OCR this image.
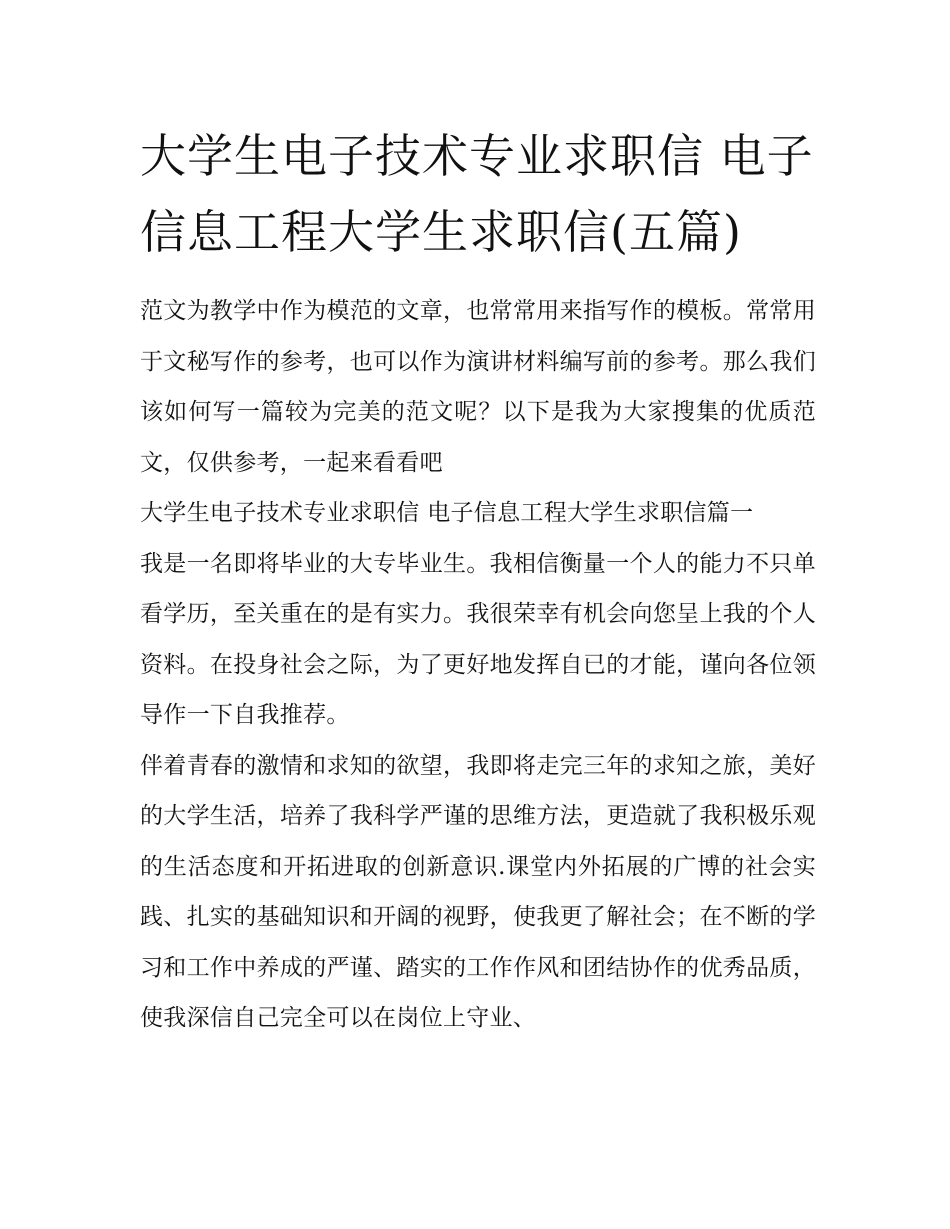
大学生电子技术专业求职信 电子信息工程大学生求职信(五篇)

范文为教学中作为模范的文章，也常常用来指写作的模板。常常用于文秘写作的参考，也可以作为演讲材料编写前的参考。那么我们该如何写一篇较为完美的范文呢？以下是我为大家搜集的优质范文，仅供参考，一起来看看吧

大学生电子技术专业求职信 电子信息工程大学生求职信篇一

我是一名即将毕业的大专毕业生。我相信衡量一个人的能力不只单看学历，至关重在的是有实力。我很荣幸有机会向您呈上我的个人资料。在投身社会之际，为了更好地发挥自已的才能，谨向各位领导作一下自我推荐。

伴着青春的激情和求知的欲望，我即将走完三年的求知之旅，美好的大学生活，培养了我科学严谨的思维方法，更造就了我积极乐观的生活态度和开拓进取的创新意识.课堂内外拓展的广博的社会实践、扎实的基础知识和开阔的视野，使我更了解社会；在不断的学习和工作中养成的严谨、踏实的工作作风和团结协作的优秀品质，使我深信自己完全可以在岗位上守业、
